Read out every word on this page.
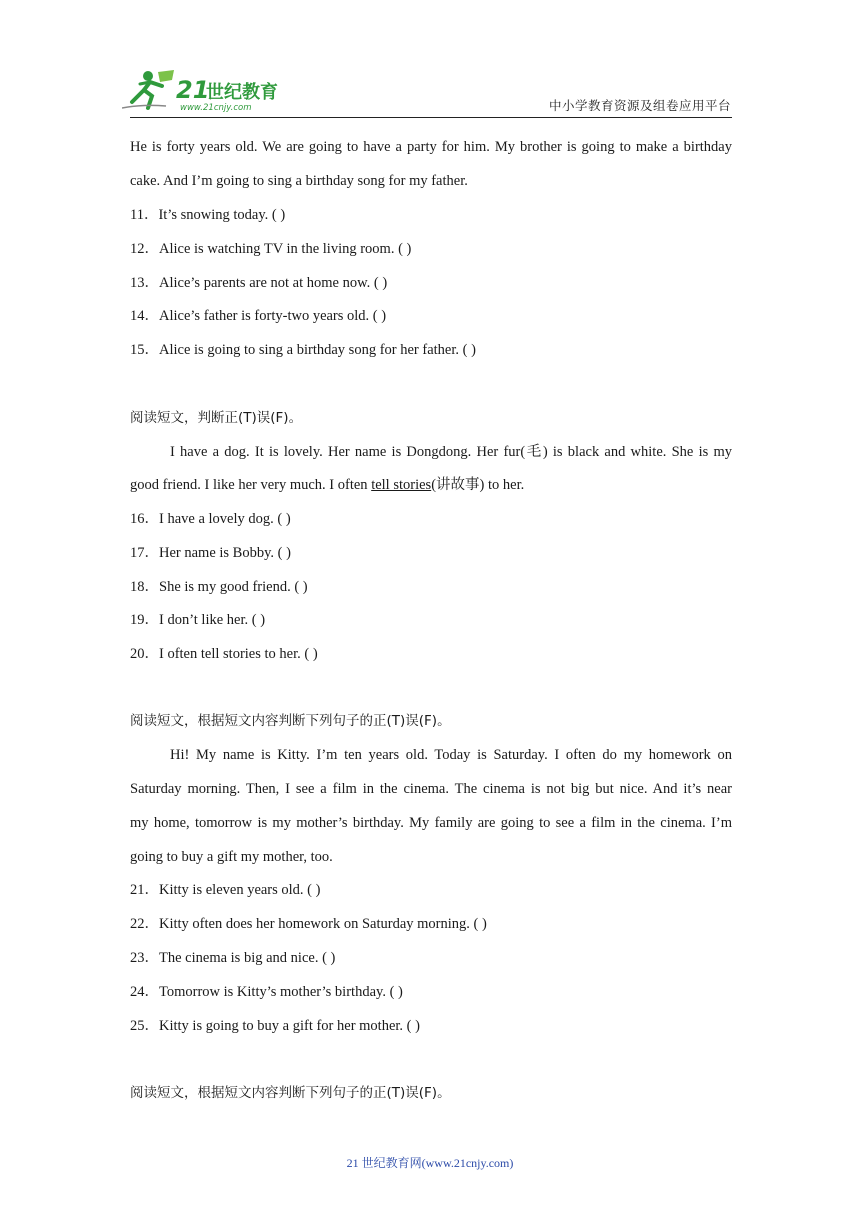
21
世纪教育
www.21cnjy.com	中小学教育资源及组卷应用平台
He is forty years old. We are going to have a party for him. My brother is going to make a birthday
cake. And I’m going to sing a birthday song for my father.
11．It’s snowing today. ( )
12．Alice is watching TV in the living room. ( )
13．Alice’s parents are not at home now. ( )
14．Alice’s father is forty-two years old. ( )
15．Alice is going to sing a birthday song for her father. ( )
阅读短文，判断正(T)误(F)。
I have a dog. It is lovely. Her name is Dongdong. Her fur(毛) is black and white. She is my
good friend. I like her very much. I often tell stories(讲故事) to her.
16．I have a lovely dog. ( )
17．Her name is Bobby. ( )
18．She is my good friend. ( )
19．I don’t like her. ( )
20．I often tell stories to her. ( )
阅读短文，根据短文内容判断下列句子的正(T)误(F)。
Hi! My name is Kitty. I’m ten years old. Today is Saturday. I often do my homework on
Saturday morning. Then, I see a film in the cinema. The cinema is not big but nice. And it’s near
my home, tomorrow is my mother’s birthday. My family are going to see a film in the cinema. I’m
going to buy a gift my mother, too.
21．Kitty is eleven years old. ( )
22．Kitty often does her homework on Saturday morning. ( )
23．The cinema is big and nice. ( )
24．Tomorrow is Kitty’s mother’s birthday. ( )
25．Kitty is going to buy a gift for her mother. ( )
阅读短文，根据短文内容判断下列句子的正(T)误(F)。
21 世纪教育网(www.21cnjy.com)
